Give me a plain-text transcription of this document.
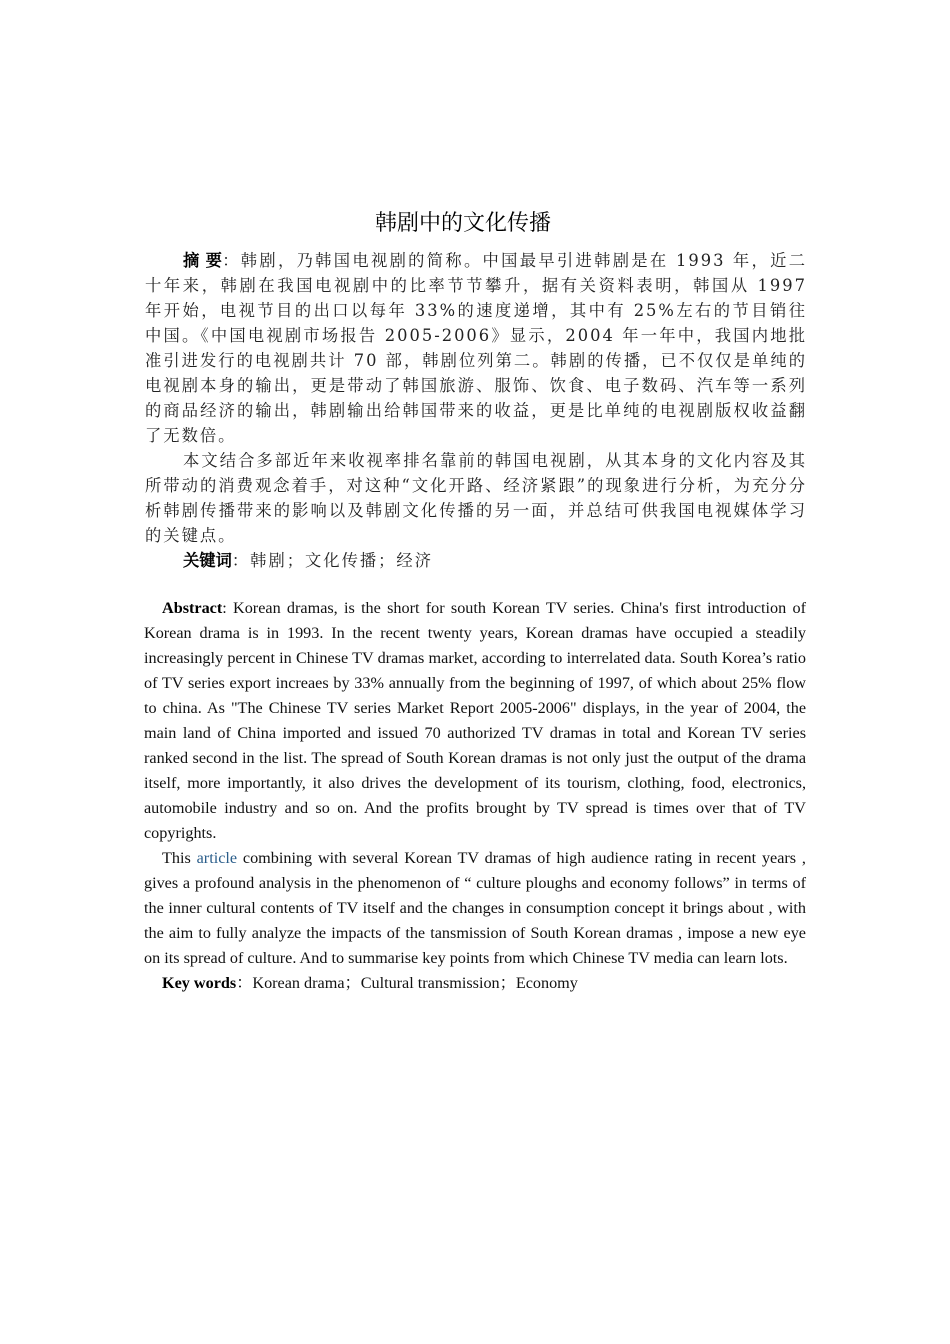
韩剧中的文化传播

摘 要：韩剧，乃韩国电视剧的简称。中国最早引进韩剧是在 1993 年，近二十年来，韩剧在我国电视剧中的比率节节攀升，据有关资料表明，韩国从 1997 年开始，电视节目的出口以每年 33%的速度递增，其中有 25%左右的节目销往中国。《中国电视剧市场报告 2005-2006》显示，2004 年一年中，我国内地批准引进发行的电视剧共计 70 部，韩剧位列第二。韩剧的传播，已不仅仅是单纯的电视剧本身的输出，更是带动了韩国旅游、服饰、饮食、电子数码、汽车等一系列的商品经济的输出，韩剧输出给韩国带来的收益，更是比单纯的电视剧版权收益翻了无数倍。

本文结合多部近年来收视率排名靠前的韩国电视剧，从其本身的文化内容及其所带动的消费观念着手，对这种“文化开路、经济紧跟”的现象进行分析，为充分分析韩剧传播带来的影响以及韩剧文化传播的另一面，并总结可供我国电视媒体学习的关键点。

关键词：韩剧；文化传播；经济

Abstract: Korean dramas, is the short for south Korean TV series. China's first introduction of Korean drama is in 1993. In the recent twenty years, Korean dramas have occupied a steadily increasingly percent in Chinese TV dramas market, according to interrelated data. South Korea’s ratio of TV series export increaes by 33% annually from the beginning of 1997, of which about 25% flow to china. As "The Chinese TV series Market Report 2005-2006" displays, in the year of 2004, the main land of China imported and issued 70 authorized TV dramas in total and Korean TV series ranked second in the list. The spread of South Korean dramas is not only just the output of the drama itself, more importantly, it also drives the development of its tourism, clothing, food, electronics, automobile industry and so on. And the profits brought by TV spread is times over that of TV copyrights.

This article combining with several Korean TV dramas of high audience rating in recent years , gives a profound analysis in the phenomenon of “ culture ploughs and economy follows” in terms of the inner cultural contents of TV itself and the changes in consumption concept it brings about , with the aim to fully analyze the impacts of the tansmission of South Korean dramas , impose a new eye on its spread of culture. And to summarise key points from which Chinese TV media can learn lots.

Key words：Korean drama；Cultural transmission；Economy
